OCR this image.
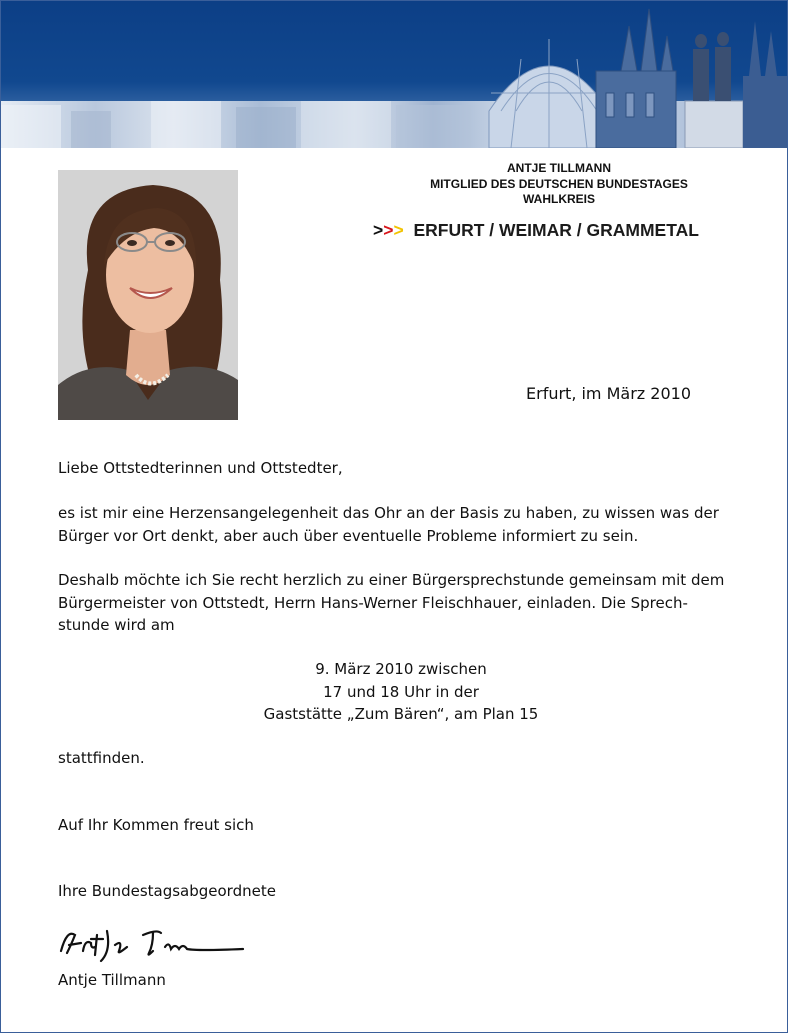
ANTJE TILLMANN
MITGLIED DES DEUTSCHEN BUNDESTAGES
WAHLKREIS
>>> ERFURT / WEIMAR / GRAMMETAL
Erfurt, im März 2010
Liebe Ottstedterinnen und Ottstedter,
es ist mir eine Herzensangelegenheit das Ohr an der Basis zu haben, zu wissen was der Bürger vor Ort denkt, aber auch über eventuelle Probleme informiert zu sein.
Deshalb möchte ich Sie recht herzlich zu einer Bürgersprechstunde gemeinsam mit dem Bürgermeister von Ottstedt, Herrn Hans-Werner Fleischhauer, einladen. Die Sprech-stunde wird am
9. März 2010 zwischen
17 und 18 Uhr in der
Gaststätte „Zum Bären“, am Plan 15
stattfinden.
Auf Ihr Kommen freut sich
Ihre Bundestagsabgeordnete
Antje Tillmann
